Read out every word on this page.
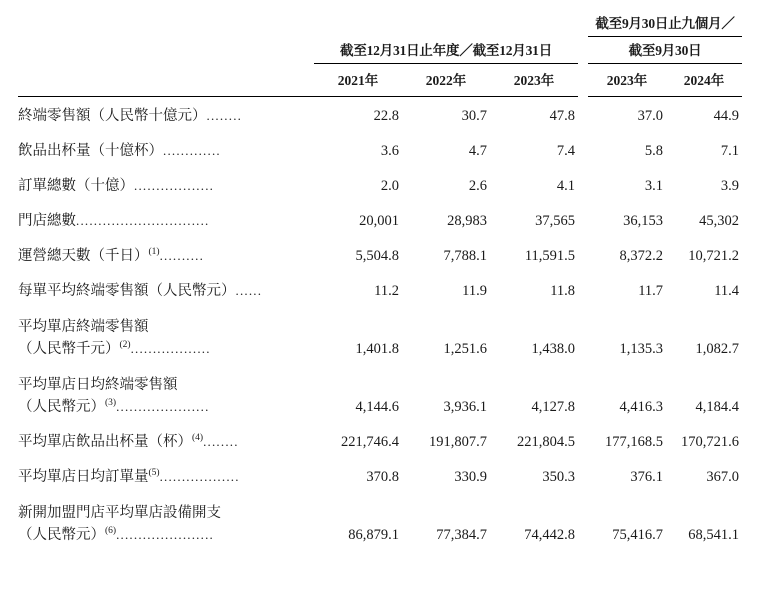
					截至9月30日止九個月／	
	截至12月31日止年度／截至12月31日				截至9月30日	
	2021年	2022年	2023年		2023年	2024年

終端零售額（人民幣十億元）........	22.8	30.7	47.8		37.0	44.9
飲品出杯量（十億杯）.............	3.6	4.7	7.4		5.8	7.1
訂單總數（十億）..................	2.0	2.6	4.1		3.1	3.9
門店總數..............................	20,001	28,983	37,565		36,153	45,302
運營總天數（千日）$^{(1)}$..........	5,504.8	7,788.1	11,591.5		8,372.2	10,721.2
每單平均終端零售額（人民幣元）......	11.2	11.9	11.8		11.7	11.4
平均單店終端零售額						
（人民幣千元）$^{(2)}$..................	1,401.8	1,251.6	1,438.0		1,135.3	1,082.7
平均單店日均終端零售額						
（人民幣元）$^{(3)}$.....................	4,144.6	3,936.1	4,127.8		4,416.3	4,184.4
平均單店飲品出杯量（杯）$^{(4)}$........	221,746.4	191,807.7	221,804.5		177,168.5	170,721.6
平均單店日均訂單量$^{(5)}$..................	370.8	330.9	350.3		376.1	367.0
新開加盟門店平均單店設備開支						
（人民幣元）$^{(6)}$......................	86,879.1	77,384.7	74,442.8		75,416.7	68,541.1
